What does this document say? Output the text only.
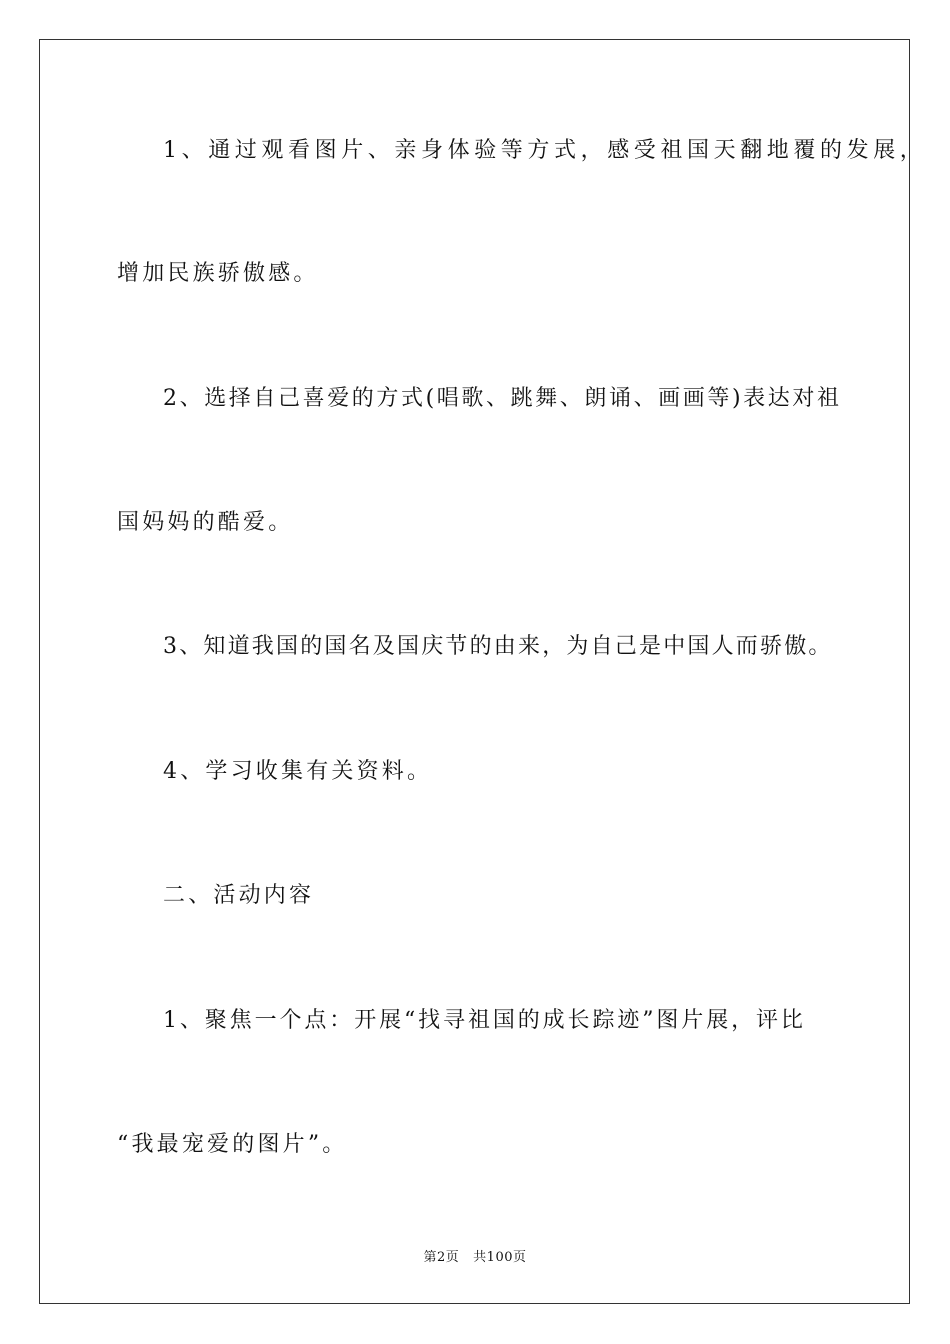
1、通过观看图片、亲身体验等方式，感受祖国天翻地覆的发展，
增加民族骄傲感。
2、选择自己喜爱的方式(唱歌、跳舞、朗诵、画画等)表达对祖
国妈妈的酷爱。
3、知道我国的国名及国庆节的由来，为自己是中国人而骄傲。
4、学习收集有关资料。
二、活动内容
1、聚焦一个点：开展“找寻祖国的成长踪迹”图片展，评比
“我最宠爱的图片”。
第2页 共100页
